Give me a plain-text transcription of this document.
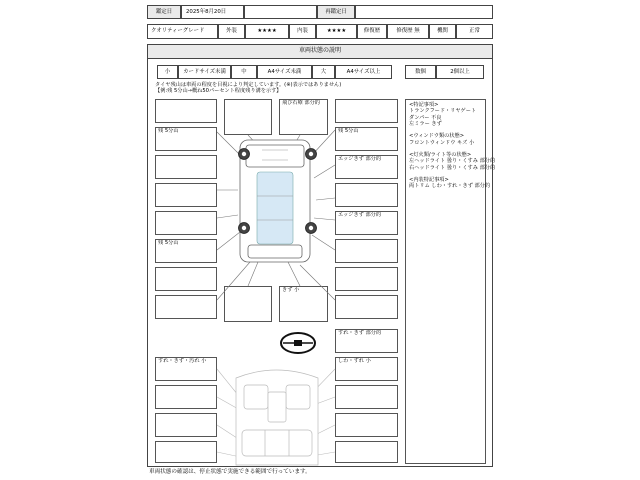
鑑定日	2025年8月20日	再鑑定日
クオリティーグレード	外装	★★★★	内装	★★★★	修復歴	修復歴 無	機関	正常
車両状態の説明
小	カードサイズ未満	中	A4サイズ未満	大	A4サイズ以上	数個	2個以上
タイヤ残山は車両の程度を目視により判定しています。(※)表示ではありません)
【例:残 5分山→概ね50パーセント程度残り溝を示す】
残 5分山
残 5分山
すれ・きず・汚れ 小
残 5分山
エッジきず 部分的
エッジきず 部分的
すれ・きず 部分的
しわ・すれ 小
飛び石療 部分的
きず 小
<特記事項>
トランクフード・リヤゲート
ダンパー 不良
左ミラー きず
<ウィンドウ類の状態>
フロントウィンドウ キズ 小
<灯火類/ライト等の状態>
左ヘッドライト 曇り・くすみ 部分的
右ヘッドライト 曇り・くすみ 部分的
<内装特記事項>
両トリム しわ・すれ・きず 部分的
車両状態の確認は、停止状態で実施できる範囲で行っています。
